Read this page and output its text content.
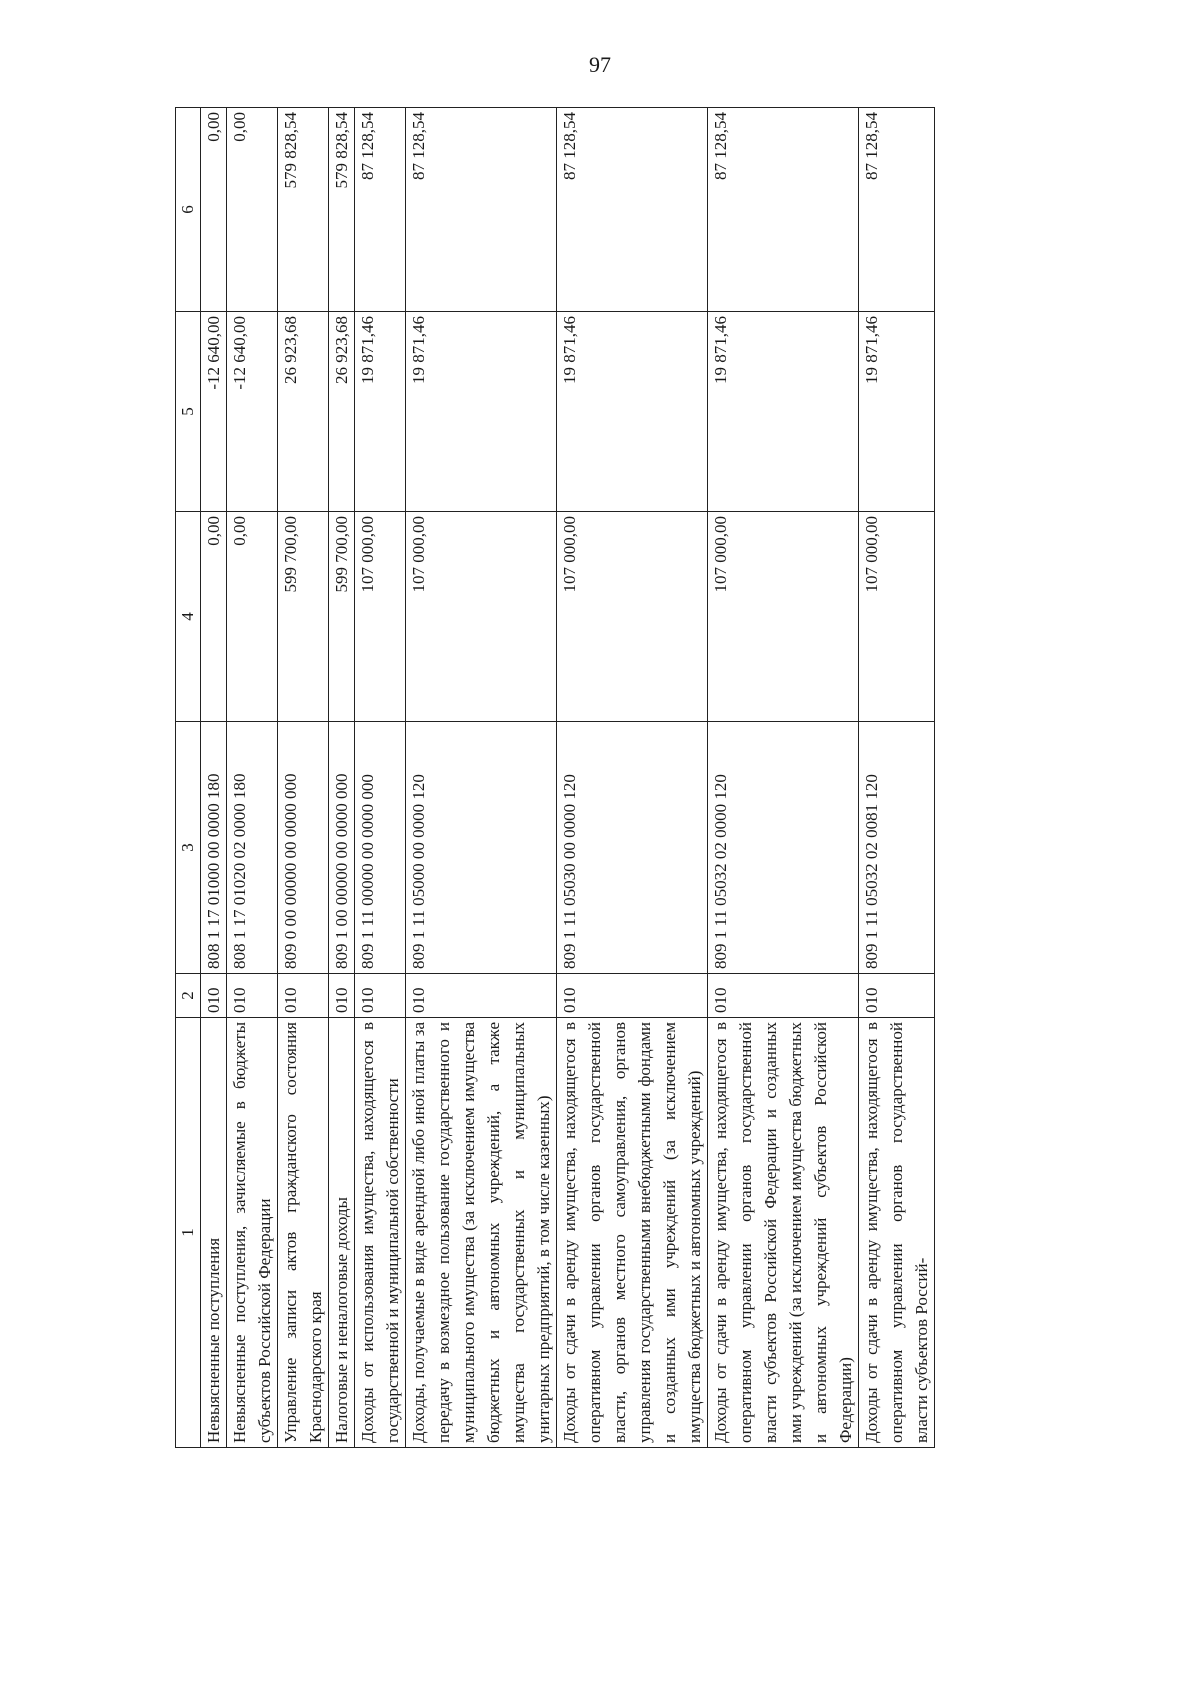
97
1	2	3	4	5	6
Невыясненные поступления	010	808 1 17 01000 00 0000 180	0,00	-12 640,00	0,00
Невыясненные поступления, зачисляемые в бюджеты субъектов Российской Федерации	010	808 1 17 01020 02 0000 180	0,00	-12 640,00	0,00
Управление записи актов гражданского состояния Краснодарского края	010	809 0 00 00000 00 0000 000	599 700,00	26 923,68	579 828,54
Налоговые и неналоговые доходы	010	809 1 00 00000 00 0000 000	599 700,00	26 923,68	579 828,54
Доходы от использования имущества, находящегося в государственной и муниципальной собственности	010	809 1 11 00000 00 0000 000	107 000,00	19 871,46	87 128,54
Доходы, получаемые в виде арендной либо иной платы за передачу в возмездное пользование государственного и муниципального имущества (за исключением имущества бюджетных и автономных учреждений, а также имущества государственных и муниципальных унитарных предприятий, в том числе казенных)	010	809 1 11 05000 00 0000 120	107 000,00	19 871,46	87 128,54
Доходы от сдачи в аренду имущества, находящегося в оперативном управлении органов государственной власти, органов местного самоуправления, органов управления государственными внебюджетными фондами и созданных ими учреждений (за исключением имущества бюджетных и автономных учреждений)	010	809 1 11 05030 00 0000 120	107 000,00	19 871,46	87 128,54
Доходы от сдачи в аренду имущества, находящегося в оперативном управлении органов государственной власти субъектов Российской Федерации и созданных ими учреждений (за исключением имущества бюджетных и автономных учреждений субъектов Российской Федерации)	010	809 1 11 05032 02 0000 120	107 000,00	19 871,46	87 128,54
Доходы от сдачи в аренду имущества, находящегося в оперативном управлении органов государственной власти субъектов Россий-	010	809 1 11 05032 02 0081 120	107 000,00	19 871,46	87 128,54
